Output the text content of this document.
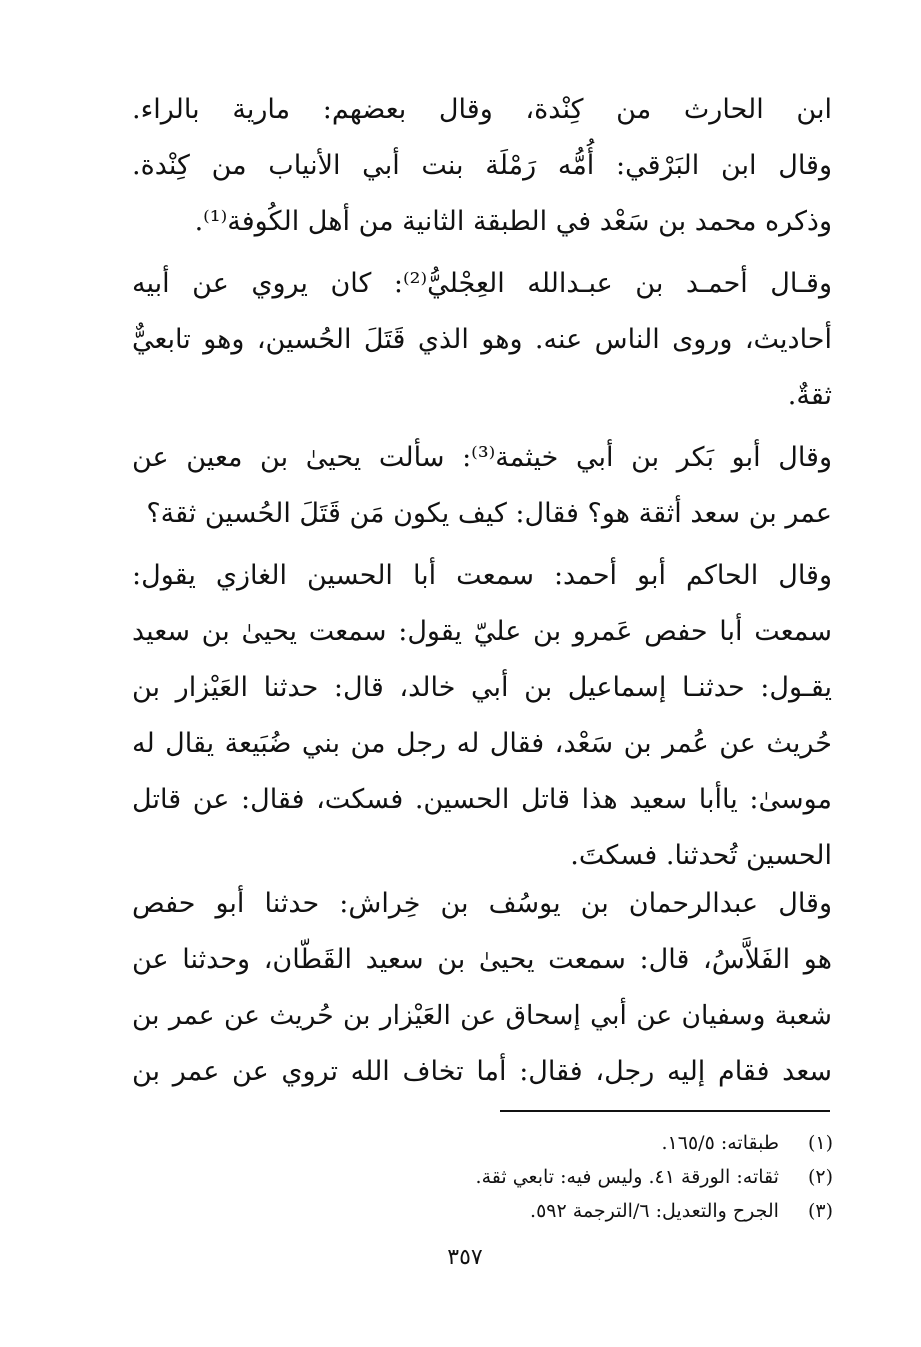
ابن الحارث من كِنْدة، وقال بعضهم: مارية بالراء.
وقال ابن البَرْقي: أُمُّه رَمْلَة بنت أبي الأنياب من كِنْدة.
وذكره محمد بن سَعْد في الطبقة الثانية من أهل الكُوفة⁽¹⁾.
وقـال أحمـد بن عبـدالله العِجْليُّ⁽²⁾: كان يروي عن أبيه
أحاديث، وروى الناس عنه. وهو الذي قَتَلَ الحُسين، وهو تابعيٌّ
ثقةٌ.
وقال أبو بَكر بن أبي خيثمة⁽³⁾: سألت يحيىٰ بن معين عن
عمر بن سعد أثقة هو؟ فقال: كيف يكون مَن قَتَلَ الحُسين ثقة؟
وقال الحاكم أبو أحمد: سمعت أبا الحسين الغازي يقول:
سمعت أبا حفص عَمرو بن عليّ يقول: سمعت يحيىٰ بن سعيد
يقـول: حدثنـا إسماعيل بن أبي خالد، قال: حدثنا العَيْزار بن
حُريث عن عُمر بن سَعْد، فقال له رجل من بني ضُبَيعة يقال له
موسىٰ: ياأبا سعيد هذا قاتل الحسين. فسكت، فقال: عن قاتل
الحسين تُحدثنا. فسكتَ.
وقال عبدالرحمان بن يوسُف بن خِراش: حدثنا أبو حفص
هو الفَلاَّسُ، قال: سمعت يحيىٰ بن سعيد القَطّان، وحدثنا عن
شعبة وسفيان عن أبي إسحاق عن العَيْزار بن حُريث عن عمر بن
سعد فقام إليه رجل، فقال: أما تخاف الله تروي عن عمر بن
(١) طبقاته: ١٦٥/٥.
(٢) ثقاته: الورقة ٤١. وليس فيه: تابعي ثقة.
(٣) الجرح والتعديل: ٦/الترجمة ٥٩٢.
٣٥٧
